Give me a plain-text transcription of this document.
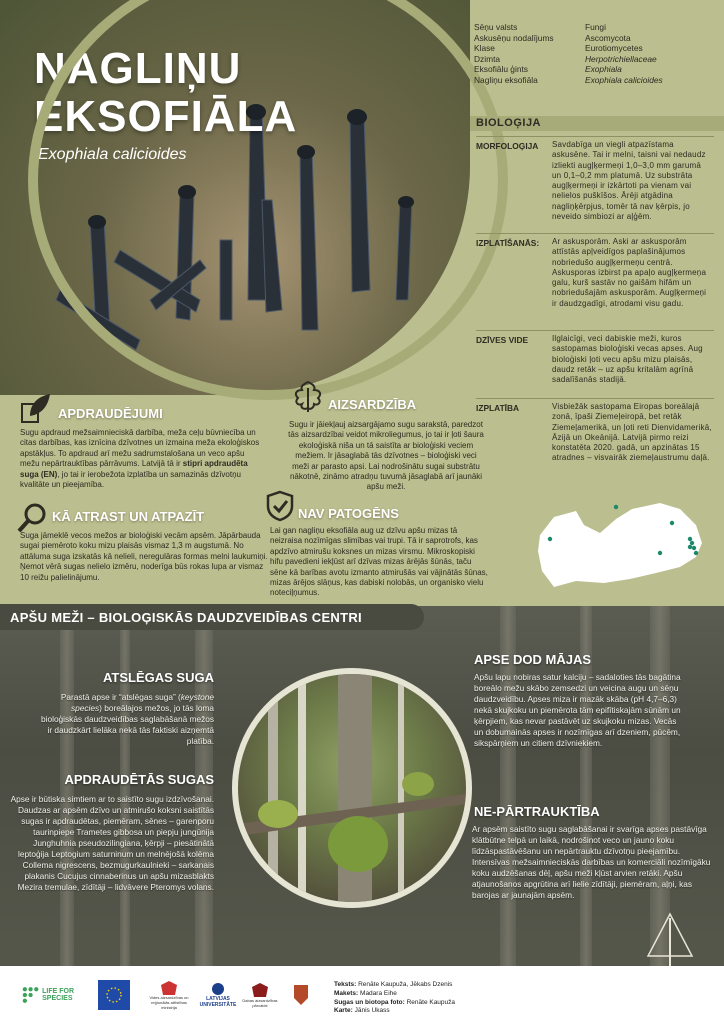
NAGLIŅU
EKSOFIĀLA
Exophiala calicioides
Sēņu valsts	Fungi
Askusēņu nodalījums	Ascomycota
Klase	Eurotiomycetes
Dzimta	Herpotrichiellaceae
Eksofiālu ģints	Exophiala
Nagliņu eksofiāla	Exophiala calicioides
BIOLOĢIJA
MORFOLOĢIJA	Savdabīga un viegli atpazīstama askusēne. Tai ir melni, taisni vai nedaudz izliekti augļķermeņi 1,0–3,0 mm garumā un 0,1–0,2 mm platumā. Uz substrāta augļķermeņi ir izkārtoti pa vienam vai nelielos puškīšos. Ārēji atgādina nagliņķērpjus, tomēr tā nav ķērpis, jo neveido simbiozi ar aļģēm.
IZPLATĪŠANĀS:	Ar askusporām. Aski ar askusporām attīstās apļveidīgos paplašinājumos nobriedušo augļķermeņu centrā. Askusporas izbirst pa apaļo augļķermeņa galu, kurš sastāv no gaišām hifām un nobriedušajām askusporām. Augļķermeņi ir daudzgadīgi, atrodami visu gadu.
DZĪVES VIDE	Ilglaicīgi, veci dabiskie meži, kuros sastopamas bioloģiski vecas apses. Aug bioloģiski ļoti vecu apšu mizu plaisās, daudz retāk – uz apšu kritalām agrīnā sadalīšanās stadijā.
IZPLATĪBA	Visbiežāk sastopama Eiropas boreālajā zonā, īpaši Ziemeļeiropā, bet retāk Ziemeļamerikā, un ļoti reti Dienvidamerikā, Āzijā un Okeānijā. Latvijā pirmo reizi konstatēta 2020. gadā, un apzinātas 15 atradnes – visvairāk ziemeļaustrumu daļā.
APDRAUDĒJUMI
Sugu apdraud mežsaimnieciskā darbība, meža ceļu būvniecība un citas darbības, kas iznīcina dzīvotnes un izmaina meža ekoloģiskos apstākļus. To apdraud arī mežu sadrumstalošana un veco apšu mežu nepārtrauktības pārrāvums. Latvijā tā ir stipri apdraudēta suga (EN), jo tai ir ierobežota izplatība un samazinās dzīvotņu kvalitāte un pieejamība.
AIZSARDZĪBA
Sugu ir jāiekļauj aizsargājamo sugu sarakstā, paredzot tās aizsardzībai veidot mikroliegumus, jo tai ir ļoti šaura ekoloģiskā niša un tā saistīta ar bioloģiski veciem mežiem. Ir jāsaglabā tās dzīvotnes – bioloģiski veci meži ar parasto apsi. Lai nodrošinātu sugai substrātu nākotnē, zināmo atradņu tuvumā jāsaglabā arī jaunāki apšu meži.
KĀ ATRAST UN ATPAZĪT
Suga jāmeklē vecos mežos ar bioloģiski vecām apsēm. Jāpārbauda sugai piemēroto koku mizu plaisās vismaz 1,3 m augstumā. No attāluma suga izskatās kā nelieli, neregulāras formas melni laukumiņi. Ņemot vērā sugas nelielo izmēru, noderīga būs rokas lupa ar vismaz 10 reižu palielinājumu.
NAV PATOGĒNS
Lai gan nagliņu eksofiāla aug uz dzīvu apšu mizas tā neizraisa nozīmīgas slimības vai trupi. Tā ir saprotrofs, kas apdzīvo atmirušu koksnes un mizas virsmu. Mikroskopiski hifu pavedieni iekļūst arī dzīvas mizas ārējās šūnās, taču sēne kā barības avotu izmanto atmirušās vai vājinātās šūnas, mizas ārējos slāņus, kas dabiski nolobās, un organisko vielu noteciļņumus.
APŠU MEŽI – BIOLOĢISKĀS DAUDZVEIDĪBAS CENTRI
ATSLĒGAS SUGA
Parastā apse ir “atslēgas suga” (keystone species) boreālajos mežos, jo tās loma bioloģiskās daudzveidības saglabāšanā mežos ir daudzkārt lielāka nekā tās faktiski aizņemtā platība.
APDRAUDĒTĀS SUGAS
Apse ir būtiska simtiem ar to saistīto sugu izdzīvošanai. Daudzas ar apsēm dzīvo un atmirušo koksni saistītās sugas ir apdraudētas, piemēram, sēnes – garenporu taurinpiepe Trametes gibbosa un piepju jungūnija Junghuhnia pseudozilingiana, ķērpji – piesātinātā leptoģija Leptogium saturninum un melnējošā kolēma Collema nigrescens, bezmugurkaulnieki – sarkanais plakanis Cucujus cinnaberinus un apšu mizasblakts Mezira tremulae, zīdītāji – lidvāvere Pteromys volans.
APSE DOD MĀJAS
Apšu lapu nobiras satur kalciju – sadaloties tās bagātina boreālo mežu skābo zemsedzi un veicina augu un sēņu daudzveidību. Apses miza ir mazāk skāba (pH 4,7–6,3) nekā skujkoku un piemērota tām epifītiskajām sūnām un ķērpjiem, kas nevar pastāvēt uz skujkoku mizas. Vecās un dobumainās apses ir nozīmīgas arī dzeniem, pūcēm, sikspārņiem un citiem dzīvniekiem.
NE-PĀRTRAUKTĪBA
Ar apsēm saistīto sugu saglabāšanai ir svarīga apses pastāvīga klātbūtne telpā un laikā, nodrošinot veco un jauno koku līdzāspastāvēšanu un nepārtrauktu dzīvotņu pieejamību. Intensīvas mežsaimnieciskās darbības un komerciāli nozīmīgāku koku audzēšanas dēļ, apšu meži kļūst arvien retāki. Apšu atjaunošanos apgrūtina arī lielie zīdītāji, piemēram, aļņi, kas barojas ar jaunajām apsēm.
LIFE FOR SPECIES	Vides aizsardzības un reģionālās attīstības ministrija
LATVIJAS UNIVERSITĀTE
Dabas aizsardzības pārvalde
Teksts: Renāte Kaupuža, Jēkabs Dzenis
Makets: Madara Eihe
Sugas un biotopa foto: Renāte Kaupuža
Karte: Jānis Ukass
